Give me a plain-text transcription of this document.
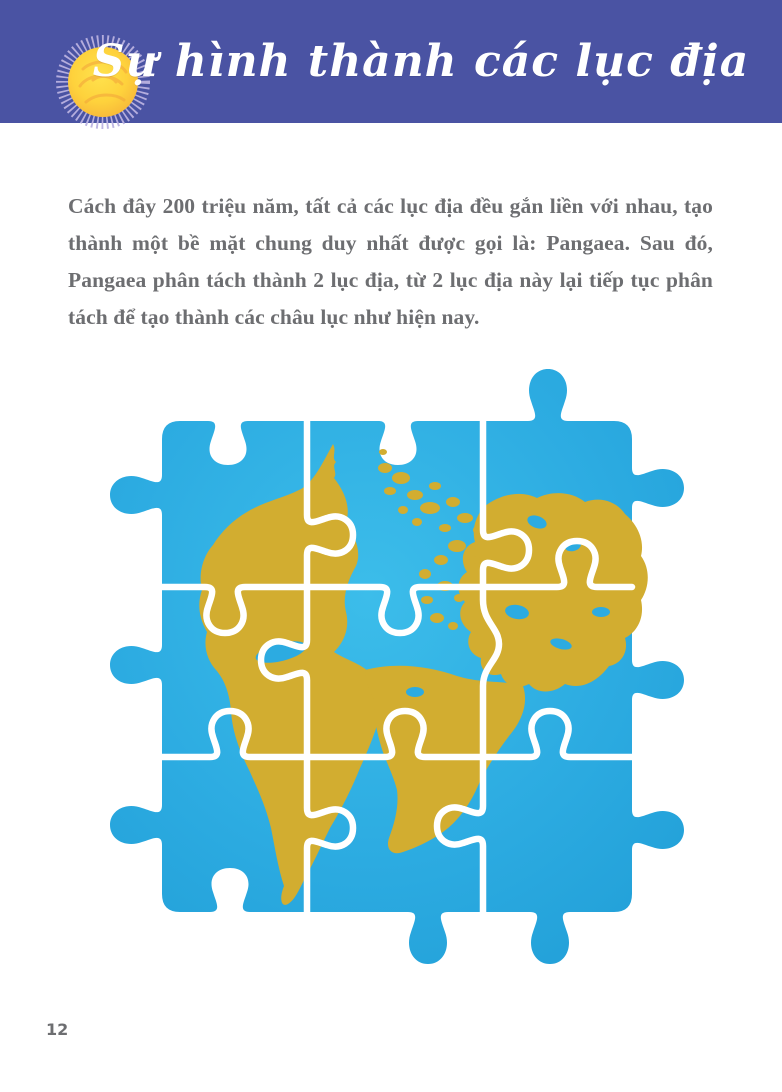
Sự hình thành các lục địa

Cách đây 200 triệu năm, tất cả các lục địa đều gắn liền với nhau, tạo thành một bề mặt chung duy nhất được gọi là: Pangaea. Sau đó, Pangaea phân tách thành 2 lục địa, từ 2 lục địa này lại tiếp tục phân tách để tạo thành các châu lục như hiện nay.

12
